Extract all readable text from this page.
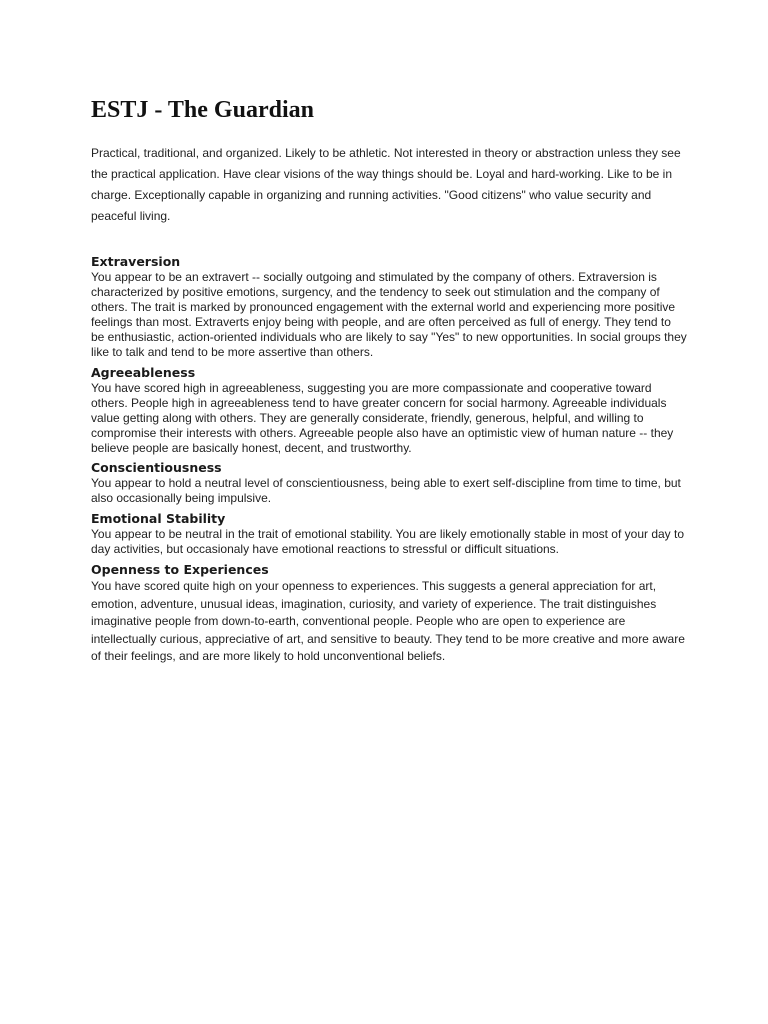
ESTJ - The Guardian

Practical, traditional, and organized. Likely to be athletic. Not interested in theory or abstraction unless they see the practical application. Have clear visions of the way things should be. Loyal and hard-working. Like to be in charge. Exceptionally capable in organizing and running activities. "Good citizens" who value security and peaceful living.

Extraversion

You appear to be an extravert -- socially outgoing and stimulated by the company of others. Extraversion is characterized by positive emotions, surgency, and the tendency to seek out stimulation and the company of others. The trait is marked by pronounced engagement with the external world and experiencing more positive feelings than most. Extraverts enjoy being with people, and are often perceived as full of energy. They tend to be enthusiastic, action-oriented individuals who are likely to say "Yes" to new opportunities. In social groups they like to talk and tend to be more assertive than others.

Agreeableness

You have scored high in agreeableness, suggesting you are more compassionate and cooperative toward others. People high in agreeableness tend to have greater concern for social harmony. Agreeable individuals value getting along with others. They are generally considerate, friendly, generous, helpful, and willing to compromise their interests with others. Agreeable people also have an optimistic view of human nature -- they believe people are basically honest, decent, and trustworthy.

Conscientiousness

You appear to hold a neutral level of conscientiousness, being able to exert self-discipline from time to time, but also occasionally being impulsive.

Emotional Stability

You appear to be neutral in the trait of emotional stability. You are likely emotionally stable in most of your day to day activities, but occasionaly have emotional reactions to stressful or difficult situations.

Openness to Experiences

You have scored quite high on your openness to experiences. This suggests a general appreciation for art, emotion, adventure, unusual ideas, imagination, curiosity, and variety of experience. The trait distinguishes imaginative people from down-to-earth, conventional people. People who are open to experience are intellectually curious, appreciative of art, and sensitive to beauty. They tend to be more creative and more aware of their feelings, and are more likely to hold unconventional beliefs.
